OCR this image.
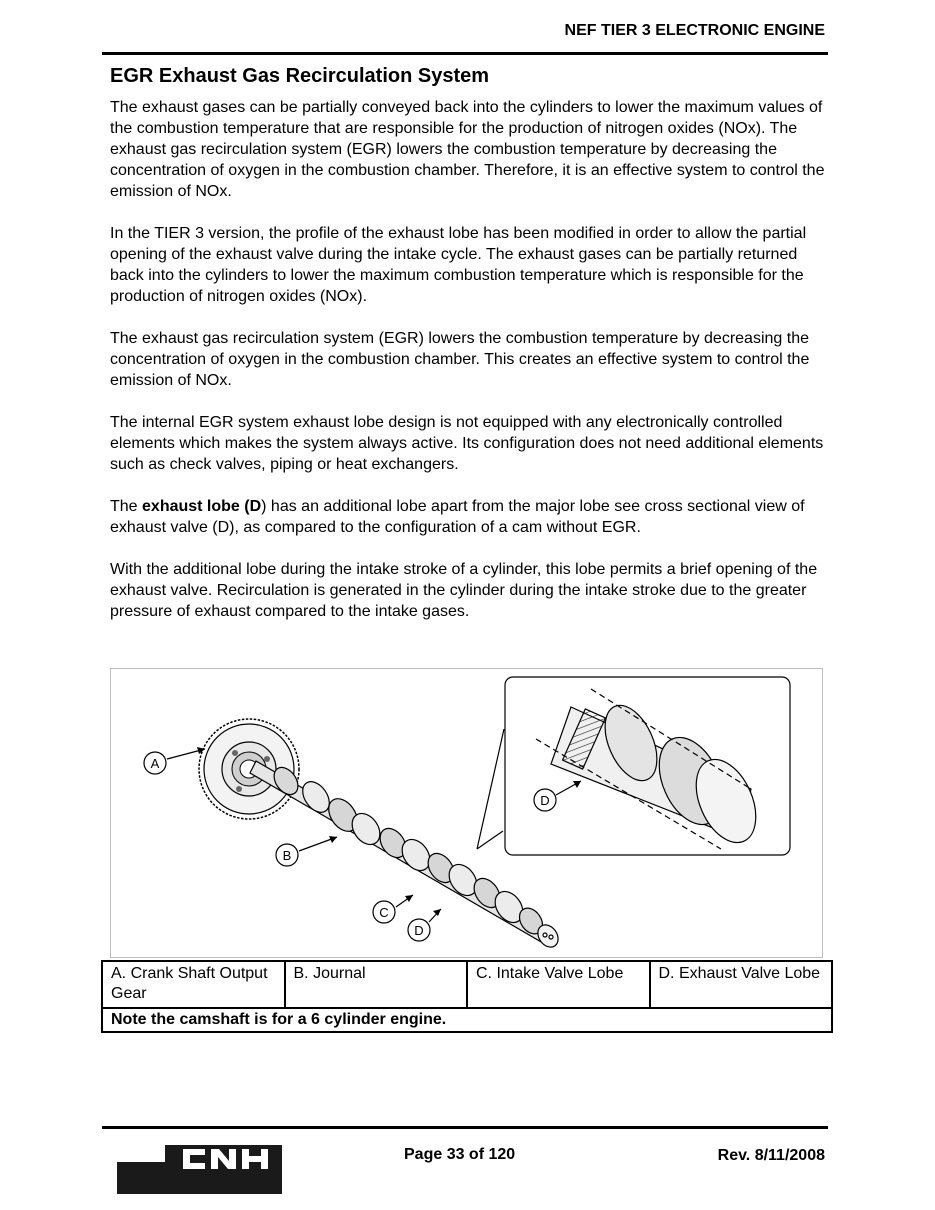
NEF TIER 3 ELECTRONIC ENGINE
EGR Exhaust Gas Recirculation System

The exhaust gases can be partially conveyed back into the cylinders to lower the maximum values of the combustion temperature that are responsible for the production of nitrogen oxides (NOx). The exhaust gas recirculation system (EGR) lowers the combustion temperature by decreasing the concentration of oxygen in the combustion chamber. Therefore, it is an effective system to control the emission of NOx.

In the TIER 3 version, the profile of the exhaust lobe has been modified in order to allow the partial opening of the exhaust valve during the intake cycle. The exhaust gases can be partially returned back into the cylinders to lower the maximum combustion temperature which is responsible for the production of nitrogen oxides (NOx).

The exhaust gas recirculation system (EGR) lowers the combustion temperature by decreasing the concentration of oxygen in the combustion chamber. This creates an effective system to control the emission of NOx.

The internal EGR system exhaust lobe design is not equipped with any electronically controlled elements which makes the system always active. Its configuration does not need additional elements such as check valves, piping or heat exchangers.

The exhaust lobe (D) has an additional lobe apart from the major lobe see cross sectional view of exhaust valve (D), as compared to the configuration of a cam without EGR.

With the additional lobe during the intake stroke of a cylinder, this lobe permits a brief opening of the exhaust valve. Recirculation is generated in the cylinder during the intake stroke due to the greater pressure of exhaust compared to the intake gases.

A
B
C
D
D
A. Crank Shaft Output Gear	B. Journal	C. Intake Valve Lobe	D. Exhaust Valve Lobe
Note the camshaft is for a 6 cylinder engine.
Page 33 of 120	Rev. 8/11/2008
